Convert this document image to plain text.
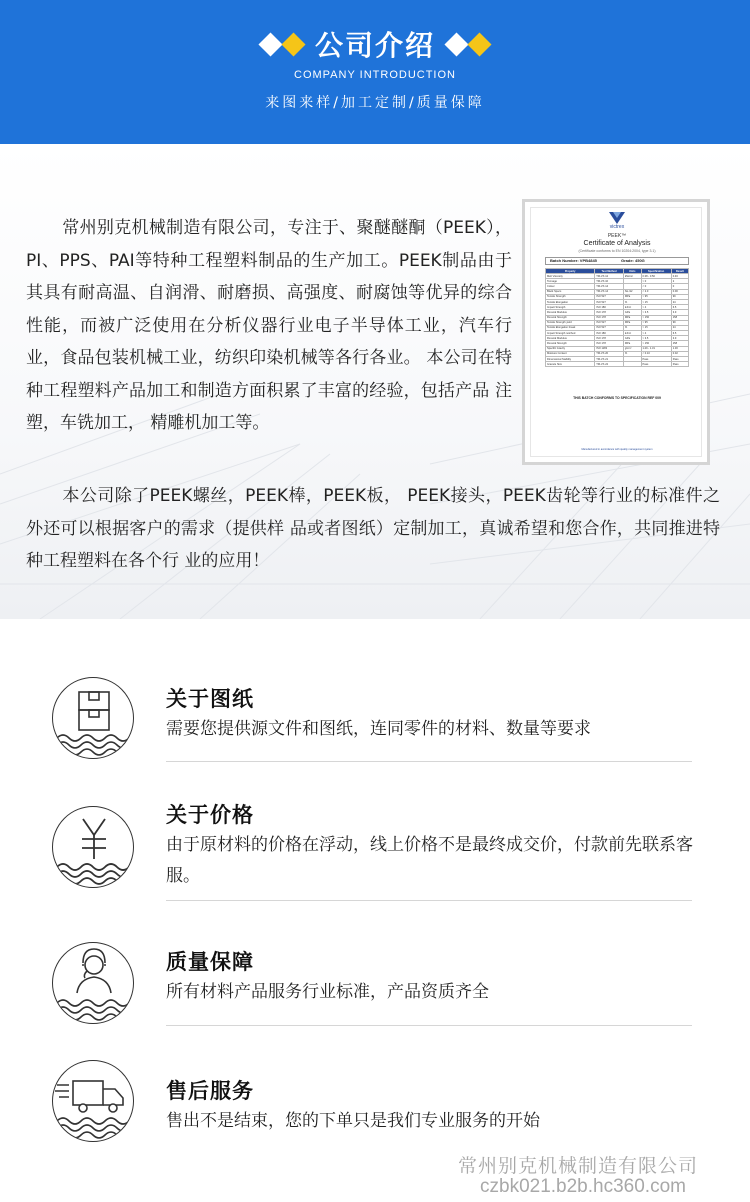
公司介绍
COMPANY INTRODUCTION
来图来样/加工定制/质量保障
常州别克机械制造有限公司，专注于、聚醚醚酮（PEEK），PI、PPS、PAI等特种工程塑料制品的生产加工。PEEK制品由于其具有耐高温、自润滑、耐磨损、高强度、耐腐蚀等优异的综合性能，而被广泛使用在分析仪器行业电子半导体工业，汽车行业，食品包装机械工业，纺织印染机械等各行各业。 本公司在特种工程塑料产品加工和制造方面积累了丰富的经验，包括产品 注塑，车铣加工， 精雕机加工等。
victrex
PEEK™
Certificate of Analysis
(Certificate conforms to EN 10204:2004, type 3.1)
Batch Number: VPB4845	Grade: 450G
Property	Test Method	Units	Specification	Result
Melt Viscosity	TM-VX-12	kNs/m²	0.38 - 0.50	0.46
Tonnage	TM-VX-10		> 0	2
Colour	TM-VX-14		< 0	0
Black Specs	TM-VX-14	No./12	< 2.0	0.00
Tensile Strength	ISO 527	MPa	> 95	99
Tensile Elongation	ISO 527	%	> 15	24
Impact Strength	ISO 180	kJ/m²	> 4	6.5
Flexural Modulus	ISO 178	GPa	> 3.5	3.9
Flexural Strength	ISO 178	MPa	> 150	158
Tensile Strength yield	ISO 527	MPa	> 95	99
Tensile Elongation break	ISO 527	%	> 15	24
Impact Strength notched	ISO 180	kJ/m²	> 4	6.5
Flexural Modulus	ISO 178	GPa	> 3.5	3.9
Flexural Strength	ISO 178	MPa	> 150	158
Specific Gravity	ISO 1183	g/cm³	1.29 - 1.31	1.30
Moisture Content	TM-VX-20	%	< 0.10	0.02
Dimensional Stability	TM-VX-21		Pass	Pass
Granule Size	TM-VX-22		Pass	Pass
THIS BATCH CONFORMS TO SPECIFICATION REF 009
Manufactured in accordance with quality management system
本公司除了PEEK螺丝，PEEK棒，PEEK板， PEEK接头，PEEK齿轮等行业的标准件之外还可以根据客户的需求（提供样 品或者图纸）定制加工，真诚希望和您合作，共同推进特种工程塑料在各个行 业的应用！
关于图纸
需要您提供源文件和图纸，连同零件的材料、数量等要求
关于价格
由于原材料的价格在浮动，线上价格不是最终成交价，付款前先联系客服。
质量保障
所有材料产品服务行业标准，产品资质齐全
售后服务
售出不是结束，您的下单只是我们专业服务的开始
常州别克机械制造有限公司
czbk021.b2b.hc360.com
